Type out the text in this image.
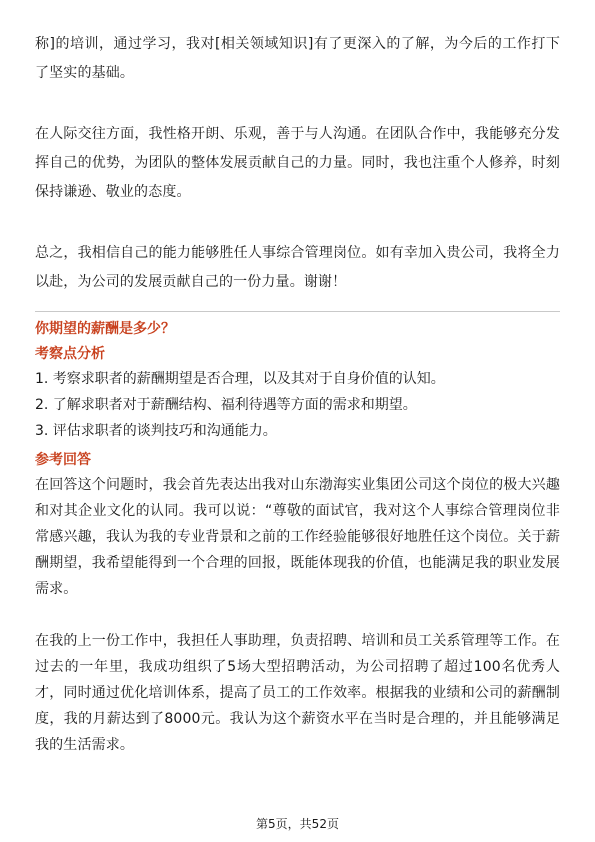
称]的培训，通过学习，我对[相关领域知识]有了更深入的了解，为今后的工作打下了坚实的基础。

在人际交往方面，我性格开朗、乐观，善于与人沟通。在团队合作中，我能够充分发挥自己的优势，为团队的整体发展贡献自己的力量。同时，我也注重个人修养，时刻保持谦逊、敬业的态度。

总之，我相信自己的能力能够胜任人事综合管理岗位。如有幸加入贵公司，我将全力以赴，为公司的发展贡献自己的一份力量。谢谢！

你期望的薪酬是多少？

考察点分析

1. 考察求职者的薪酬期望是否合理，以及其对于自身价值的认知。

2. 了解求职者对于薪酬结构、福利待遇等方面的需求和期望。

3. 评估求职者的谈判技巧和沟通能力。

参考回答

在回答这个问题时，我会首先表达出我对山东渤海实业集团公司这个岗位的极大兴趣和对其企业文化的认同。我可以说：“尊敬的面试官，我对这个人事综合管理岗位非常感兴趣，我认为我的专业背景和之前的工作经验能够很好地胜任这个岗位。关于薪酬期望，我希望能得到一个合理的回报，既能体现我的价值，也能满足我的职业发展需求。

在我的上一份工作中，我担任人事助理，负责招聘、培训和员工关系管理等工作。在过去的一年里，我成功组织了5场大型招聘活动，为公司招聘了超过100名优秀人才，同时通过优化培训体系，提高了员工的工作效率。根据我的业绩和公司的薪酬制度，我的月薪达到了8000元。我认为这个薪资水平在当时是合理的，并且能够满足我的生活需求。

第5页，共52页
